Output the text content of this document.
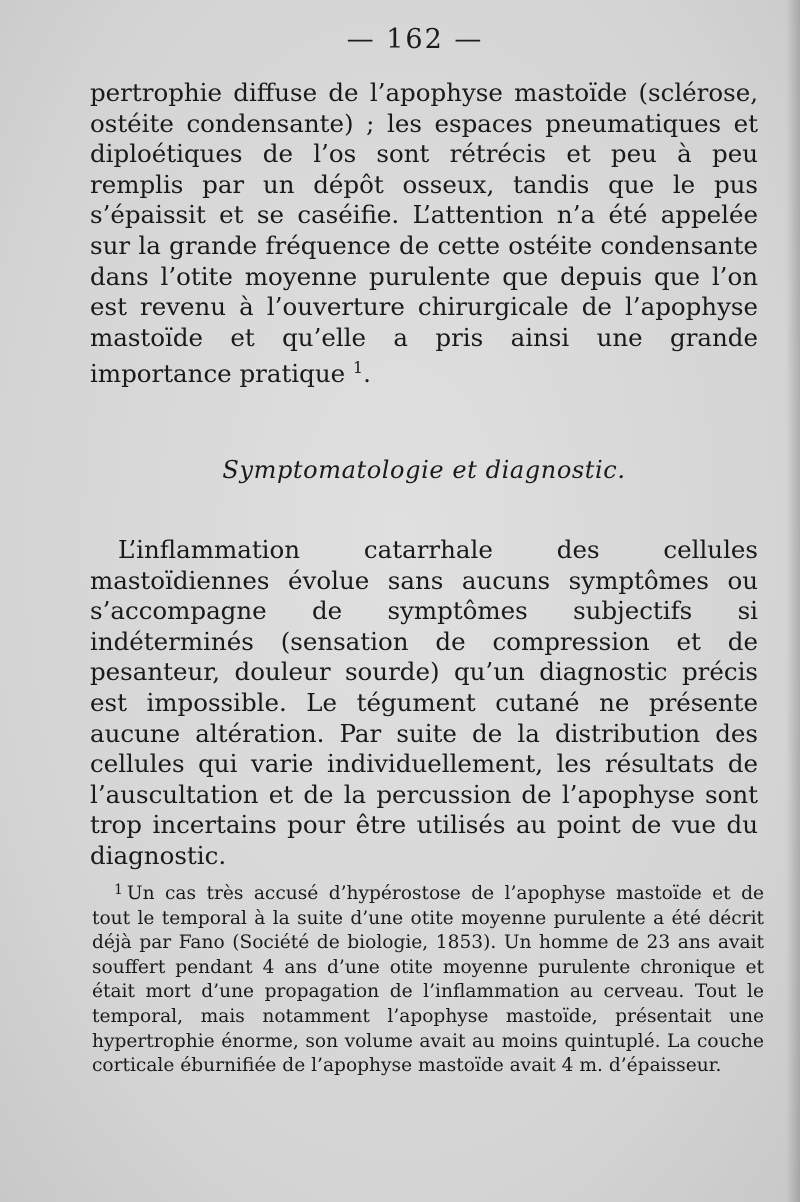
— 162 —

pertrophie diffuse de l’apophyse mastoïde (sclérose, ostéite condensante) ; les espaces pneumatiques et diploétiques de l’os sont rétrécis et peu à peu remplis par un dépôt osseux, tandis que le pus s’épaissit et se caséifie. L’attention n’a été appelée sur la grande fréquence de cette ostéite condensante dans l’otite moyenne purulente que depuis que l’on est revenu à l’ouverture chirurgicale de l’apophyse mastoïde et qu’elle a pris ainsi une grande importance pratique $^1$.

Symptomatologie et diagnostic.

L’inflammation catarrhale des cellules mastoïdiennes évolue sans aucuns symptômes ou s’accompagne de symptômes subjectifs si indéterminés (sensation de compression et de pesanteur, douleur sourde) qu’un diagnostic précis est impossible. Le tégument cutané ne présente aucune altération. Par suite de la distribution des cellules qui varie individuellement, les résultats de l’auscultation et de la percussion de l’apophyse sont trop incertains pour être utilisés au point de vue du diagnostic.

$^1$ Un cas très accusé d’hypérostose de l’apophyse mastoïde et de tout le temporal à la suite d’une otite moyenne purulente a été décrit déjà par Fano (Société de biologie, 1853). Un homme de 23 ans avait souffert pendant 4 ans d’une otite moyenne purulente chronique et était mort d’une propagation de l’inflammation au cerveau. Tout le temporal, mais notamment l’apophyse mastoïde, présentait une hypertrophie énorme, son volume avait au moins quintuplé. La couche corticale éburnifiée de l’apophyse mastoïde avait 4 m. d’épaisseur.
